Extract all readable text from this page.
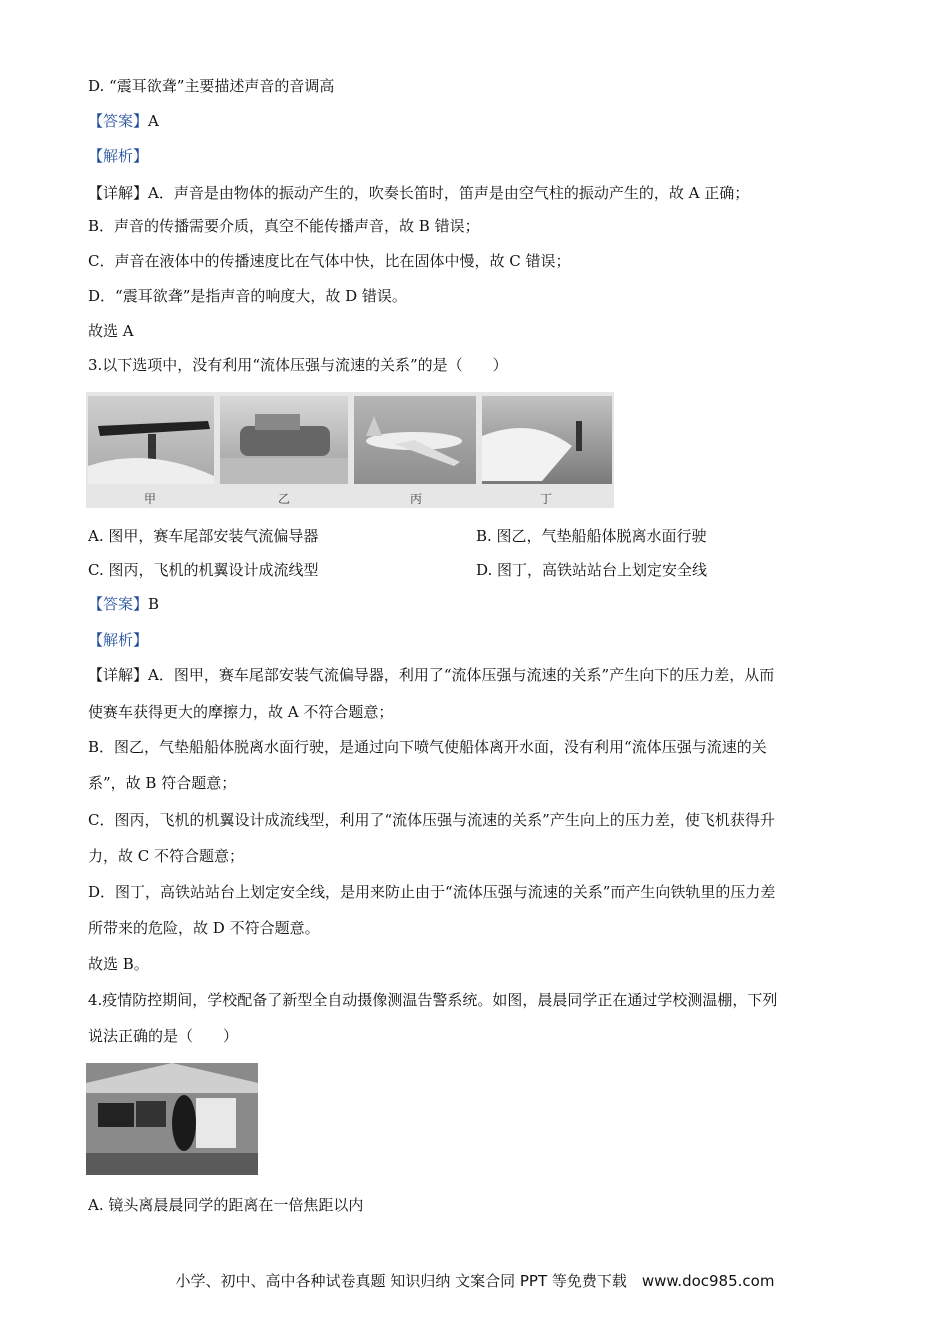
D. “震耳欲聋”主要描述声音的音调高
【答案】A
【解析】
【详解】A．声音是由物体的振动产生的，吹奏长笛时，笛声是由空气柱的振动产生的，故 A 正确；
B．声音的传播需要介质，真空不能传播声音，故 B 错误；
C．声音在液体中的传播速度比在气体中快，比在固体中慢，故 C 错误；
D．“震耳欲聋”是指声音的响度大，故 D 错误。
故选 A
3.以下选项中，没有利用“流体压强与流速的关系”的是（　　）
甲	乙	丙	丁
A. 图甲，赛车尾部安装气流偏导器	B. 图乙，气垫船船体脱离水面行驶
C. 图丙，飞机的机翼设计成流线型	D. 图丁，高铁站站台上划定安全线
【答案】B
【解析】
【详解】A．图甲，赛车尾部安装气流偏导器，利用了“流体压强与流速的关系”产生向下的压力差，从而
使赛车获得更大的摩擦力，故 A 不符合题意；
B．图乙，气垫船船体脱离水面行驶，是通过向下喷气使船体离开水面，没有利用“流体压强与流速的关
系”，故 B 符合题意；
C．图丙，飞机的机翼设计成流线型，利用了“流体压强与流速的关系”产生向上的压力差，使飞机获得升
力，故 C 不符合题意；
D．图丁，高铁站站台上划定安全线，是用来防止由于“流体压强与流速的关系”而产生向铁轨里的压力差
所带来的危险，故 D 不符合题意。
故选 B。
4.疫情防控期间，学校配备了新型全自动摄像测温告警系统。如图，晨晨同学正在通过学校测温棚，下列
说法正确的是（　　）
A. 镜头离晨晨同学的距离在一倍焦距以内
小学、初中、高中各种试卷真题 知识归纳 文案合同 PPT 等免费下载　www.doc985.com
